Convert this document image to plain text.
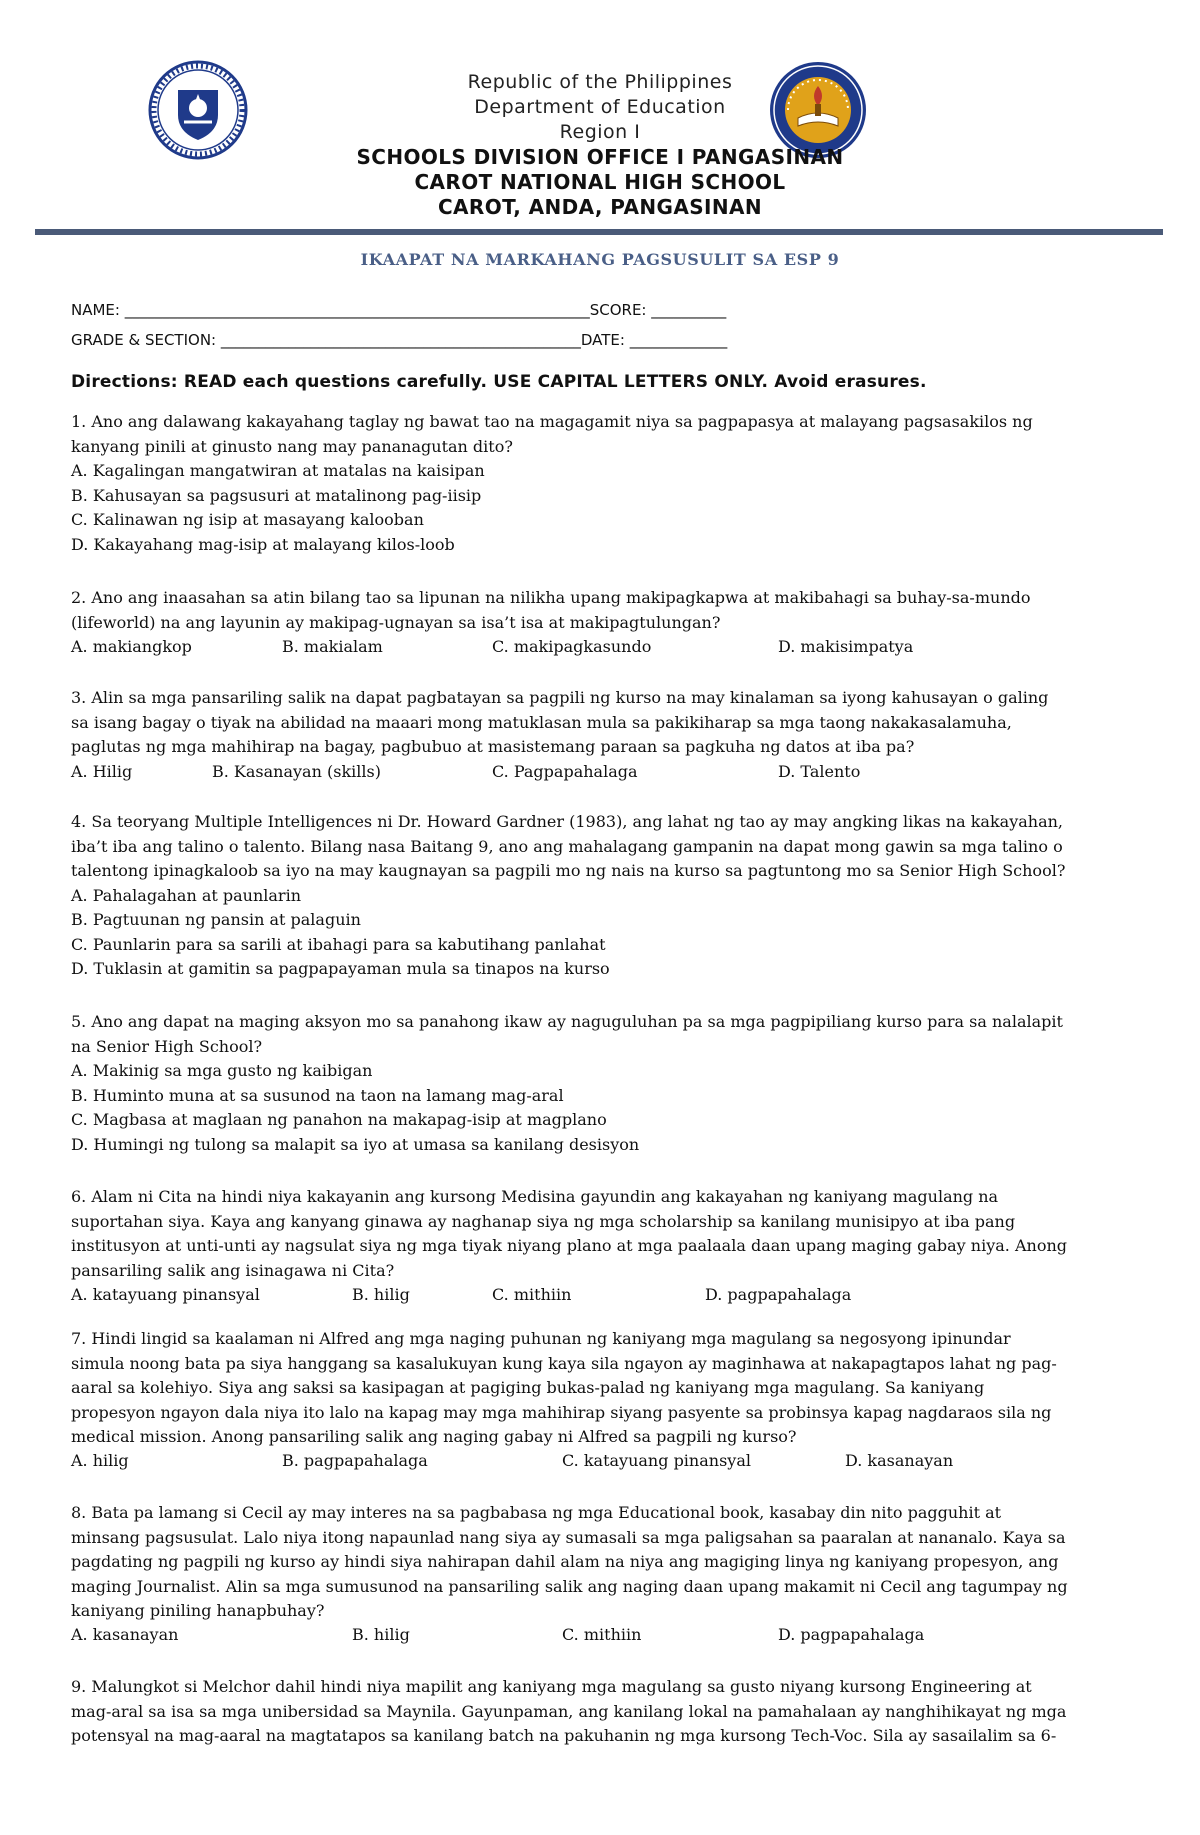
Republic of the Philippines
Department of Education
Region I
SCHOOLS DIVISION OFFICE I PANGASINAN
CAROT NATIONAL HIGH SCHOOL
CAROT, ANDA, PANGASINAN
IKAAPAT NA MARKAHANG PAGSUSULIT SA ESP 9
NAME: ______________________________________________________________SCORE: __________
GRADE & SECTION: ________________________________________________DATE: _____________
Directions: READ each questions carefully. USE CAPITAL LETTERS ONLY. Avoid erasures.
1. Ano ang dalawang kakayahang taglay ng bawat tao na magagamit niya sa pagpapasya at malayang pagsasakilos ng
kanyang pinili at ginusto nang may pananagutan dito?
A. Kagalingan mangatwiran at matalas na kaisipan
B. Kahusayan sa pagsusuri at matalinong pag-iisip
C. Kalinawan ng isip at masayang kalooban
D. Kakayahang mag-isip at malayang kilos-loob
2. Ano ang inaasahan sa atin bilang tao sa lipunan na nilikha upang makipagkapwa at makibahagi sa buhay-sa-mundo
(lifeworld) na ang layunin ay makipag-ugnayan sa isa’t isa at makipagtulungan?
A. makiangkop	B. makialam	C. makipagkasundo	D. makisimpatya
3. Alin sa mga pansariling salik na dapat pagbatayan sa pagpili ng kurso na may kinalaman sa iyong kahusayan o galing
sa isang bagay o tiyak na abilidad na maaari mong matuklasan mula sa pakikiharap sa mga taong nakakasalamuha,
paglutas ng mga mahihirap na bagay, pagbubuo at masistemang paraan sa pagkuha ng datos at iba pa?
A. Hilig	B. Kasanayan (skills)	C. Pagpapahalaga	D. Talento
4. Sa teoryang Multiple Intelligences ni Dr. Howard Gardner (1983), ang lahat ng tao ay may angking likas na kakayahan,
iba’t iba ang talino o talento. Bilang nasa Baitang 9, ano ang mahalagang gampanin na dapat mong gawin sa mga talino o
talentong ipinagkaloob sa iyo na may kaugnayan sa pagpili mo ng nais na kurso sa pagtuntong mo sa Senior High School?
A. Pahalagahan at paunlarin
B. Pagtuunan ng pansin at palaguin
C. Paunlarin para sa sarili at ibahagi para sa kabutihang panlahat
D. Tuklasin at gamitin sa pagpapayaman mula sa tinapos na kurso
5. Ano ang dapat na maging aksyon mo sa panahong ikaw ay naguguluhan pa sa mga pagpipiliang kurso para sa nalalapit
na Senior High School?
A. Makinig sa mga gusto ng kaibigan
B. Huminto muna at sa susunod na taon na lamang mag-aral
C. Magbasa at maglaan ng panahon na makapag-isip at magplano
D. Humingi ng tulong sa malapit sa iyo at umasa sa kanilang desisyon
6. Alam ni Cita na hindi niya kakayanin ang kursong Medisina gayundin ang kakayahan ng kaniyang magulang na
suportahan siya. Kaya ang kanyang ginawa ay naghanap siya ng mga scholarship sa kanilang munisipyo at iba pang
institusyon at unti-unti ay nagsulat siya ng mga tiyak niyang plano at mga paalaala daan upang maging gabay niya. Anong
pansariling salik ang isinagawa ni Cita?
A. katayuang pinansyal	B. hilig	C. mithiin	D. pagpapahalaga
7. Hindi lingid sa kaalaman ni Alfred ang mga naging puhunan ng kaniyang mga magulang sa negosyong ipinundar
simula noong bata pa siya hanggang sa kasalukuyan kung kaya sila ngayon ay maginhawa at nakapagtapos lahat ng pag-
aaral sa kolehiyo. Siya ang saksi sa kasipagan at pagiging bukas-palad ng kaniyang mga magulang. Sa kaniyang
propesyon ngayon dala niya ito lalo na kapag may mga mahihirap siyang pasyente sa probinsya kapag nagdaraos sila ng
medical mission. Anong pansariling salik ang naging gabay ni Alfred sa pagpili ng kurso?
A. hilig	B. pagpapahalaga	C. katayuang pinansyal	D. kasanayan
8. Bata pa lamang si Cecil ay may interes na sa pagbabasa ng mga Educational book, kasabay din nito pagguhit at
minsang pagsusulat. Lalo niya itong napaunlad nang siya ay sumasali sa mga paligsahan sa paaralan at nananalo. Kaya sa
pagdating ng pagpili ng kurso ay hindi siya nahirapan dahil alam na niya ang magiging linya ng kaniyang propesyon, ang
maging Journalist. Alin sa mga sumusunod na pansariling salik ang naging daan upang makamit ni Cecil ang tagumpay ng
kaniyang piniling hanapbuhay?
A. kasanayan	B. hilig	C. mithiin	D. pagpapahalaga
9. Malungkot si Melchor dahil hindi niya mapilit ang kaniyang mga magulang sa gusto niyang kursong Engineering at
mag-aral sa isa sa mga unibersidad sa Maynila. Gayunpaman, ang kanilang lokal na pamahalaan ay nanghihikayat ng mga
potensyal na mag-aaral na magtatapos sa kanilang batch na pakuhanin ng mga kursong Tech-Voc. Sila ay sasailalim sa 6-
